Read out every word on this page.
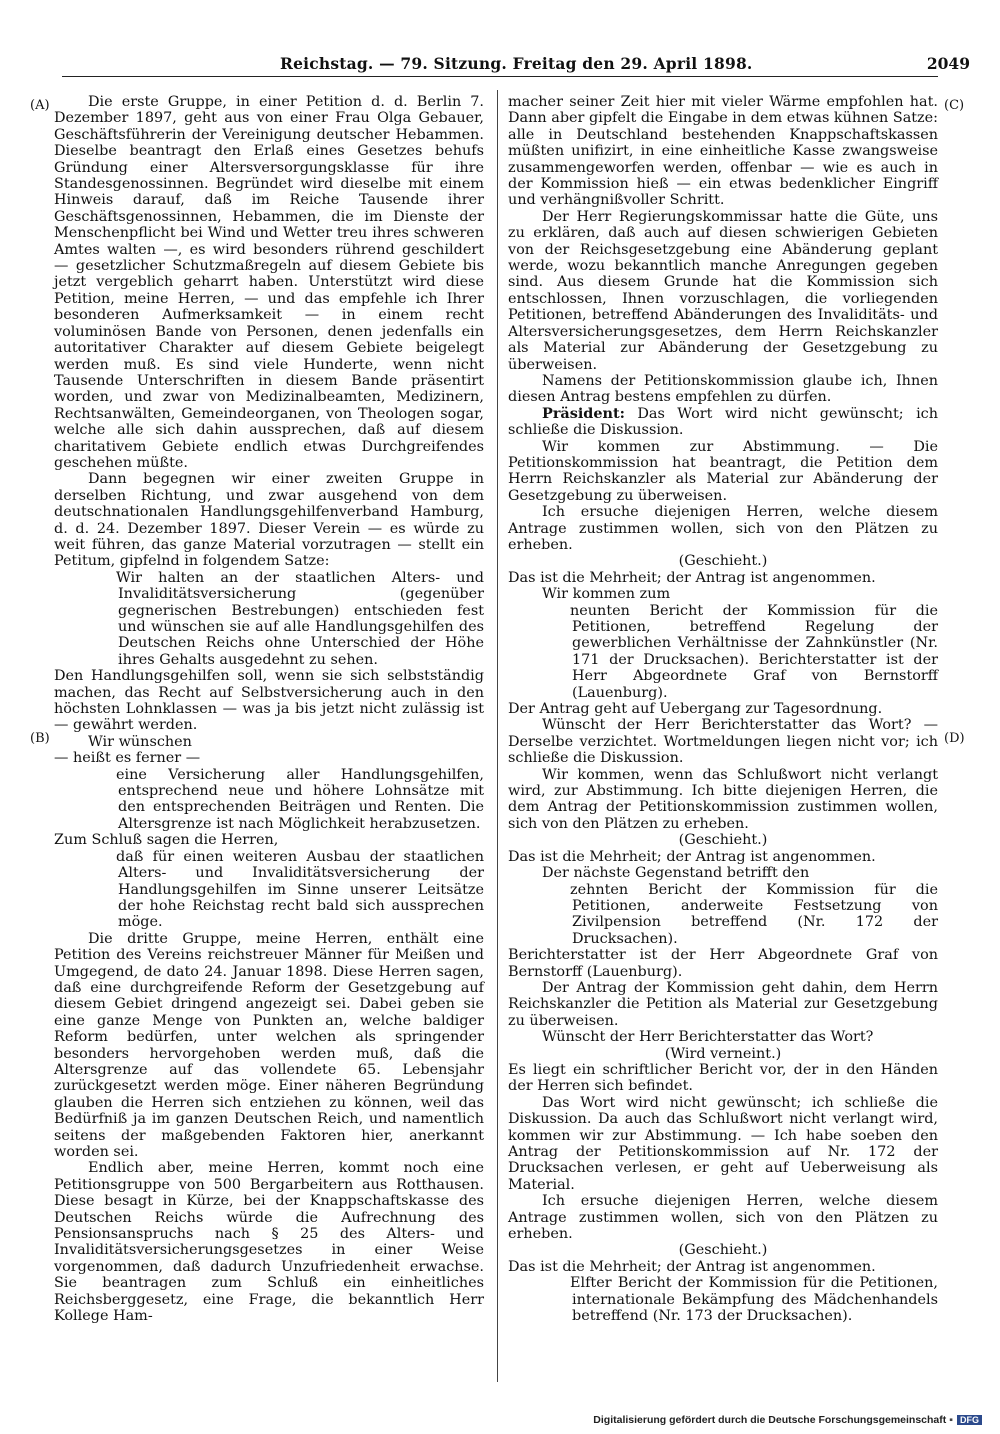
Reichstag. — 79. Sitzung. Freitag den 29. April 1898.	2049
(A)
(B)
(C)
(D)

Die erste Gruppe, in einer Petition d. d. Berlin 7. Dezember 1897, geht aus von einer Frau Olga Gebauer, Geschäftsführerin der Vereinigung deutscher Hebammen. Dieselbe beantragt den Erlaß eines Gesetzes behufs Gründung einer Altersversorgungsklasse für ihre Standesgenossinnen. Begründet wird dieselbe mit einem Hinweis darauf, daß im Reiche Tausende ihrer Geschäftsgenossinnen, Hebammen, die im Dienste der Menschenpflicht bei Wind und Wetter treu ihres schweren Amtes walten —, es wird besonders rührend geschildert — gesetzlicher Schutzmaßregeln auf diesem Gebiete bis jetzt vergeblich geharrt haben. Unterstützt wird diese Petition, meine Herren, — und das empfehle ich Ihrer besonderen Aufmerksamkeit — in einem recht voluminösen Bande von Personen, denen jedenfalls ein autoritativer Charakter auf diesem Gebiete beigelegt werden muß. Es sind viele Hunderte, wenn nicht Tausende Unterschriften in diesem Bande präsentirt worden, und zwar von Medizinalbeamten, Medizinern, Rechtsanwälten, Gemeindeorganen, von Theologen sogar, welche alle sich dahin aussprechen, daß auf diesem charitativem Gebiete endlich etwas Durchgreifendes geschehen müßte.

Dann begegnen wir einer zweiten Gruppe in derselben Richtung, und zwar ausgehend von dem deutschnationalen Handlungsgehilfenverband Hamburg, d. d. 24. Dezember 1897. Dieser Verein — es würde zu weit führen, das ganze Material vorzutragen — stellt ein Petitum, gipfelnd in folgendem Satze:

Wir halten an der staatlichen Alters- und Invaliditätsversicherung (gegenüber gegnerischen Bestrebungen) entschieden fest und wünschen sie auf alle Handlungsgehilfen des Deutschen Reichs ohne Unterschied der Höhe ihres Gehalts ausgedehnt zu sehen.

Den Handlungsgehilfen soll, wenn sie sich selbstständig machen, das Recht auf Selbstversicherung auch in den höchsten Lohnklassen — was ja bis jetzt nicht zulässig ist — gewährt werden.

Wir wünschen

— heißt es ferner —

eine Versicherung aller Handlungsgehilfen, entsprechend neue und höhere Lohnsätze mit den entsprechenden Beiträgen und Renten. Die Altersgrenze ist nach Möglichkeit herabzusetzen.

Zum Schluß sagen die Herren,

daß für einen weiteren Ausbau der staatlichen Alters- und Invaliditätsversicherung der Handlungsgehilfen im Sinne unserer Leitsätze der hohe Reichstag recht bald sich aussprechen möge.

Die dritte Gruppe, meine Herren, enthält eine Petition des Vereins reichstreuer Männer für Meißen und Umgegend, de dato 24. Januar 1898. Diese Herren sagen, daß eine durchgreifende Reform der Gesetzgebung auf diesem Gebiet dringend angezeigt sei. Dabei geben sie eine ganze Menge von Punkten an, welche baldiger Reform bedürfen, unter welchen als springender besonders hervorgehoben werden muß, daß die Altersgrenze auf das vollendete 65. Lebensjahr zurückgesetzt werden möge. Einer näheren Begründung glauben die Herren sich entziehen zu können, weil das Bedürfniß ja im ganzen Deutschen Reich, und namentlich seitens der maßgebenden Faktoren hier, anerkannt worden sei.

Endlich aber, meine Herren, kommt noch eine Petitionsgruppe von 500 Bergarbeitern aus Rotthausen. Diese besagt in Kürze, bei der Knappschaftskasse des Deutschen Reichs würde die Aufrechnung des Pensionsanspruchs nach § 25 des Alters- und Invaliditätsversicherungsgesetzes in einer Weise vorgenommen, daß dadurch Unzufriedenheit erwachse. Sie beantragen zum Schluß ein einheitliches Reichsberggesetz, eine Frage, die bekanntlich Herr Kollege Ham-

macher seiner Zeit hier mit vieler Wärme empfohlen hat. Dann aber gipfelt die Eingabe in dem etwas kühnen Satze: alle in Deutschland bestehenden Knappschaftskassen müßten unifizirt, in eine einheitliche Kasse zwangsweise zusammengeworfen werden, offenbar — wie es auch in der Kommission hieß — ein etwas bedenklicher Eingriff und verhängnißvoller Schritt.

Der Herr Regierungskommissar hatte die Güte, uns zu erklären, daß auch auf diesen schwierigen Gebieten von der Reichsgesetzgebung eine Abänderung geplant werde, wozu bekanntlich manche Anregungen gegeben sind. Aus diesem Grunde hat die Kommission sich entschlossen, Ihnen vorzuschlagen, die vorliegenden Petitionen, betreffend Abänderungen des Invaliditäts- und Altersversicherungsgesetzes, dem Herrn Reichskanzler als Material zur Abänderung der Gesetzgebung zu überweisen.

Namens der Petitionskommission glaube ich, Ihnen diesen Antrag bestens empfehlen zu dürfen.

Präsident: Das Wort wird nicht gewünscht; ich schließe die Diskussion.

Wir kommen zur Abstimmung. — Die Petitionskommission hat beantragt, die Petition dem Herrn Reichskanzler als Material zur Abänderung der Gesetzgebung zu überweisen.

Ich ersuche diejenigen Herren, welche diesem Antrage zustimmen wollen, sich von den Plätzen zu erheben.

(Geschieht.)

Das ist die Mehrheit; der Antrag ist angenommen.

Wir kommen zum

neunten Bericht der Kommission für die Petitionen, betreffend Regelung der gewerblichen Verhältnisse der Zahnkünstler (Nr. 171 der Drucksachen). Berichterstatter ist der Herr Abgeordnete Graf von Bernstorff (Lauenburg).

Der Antrag geht auf Uebergang zur Tagesordnung.

Wünscht der Herr Berichterstatter das Wort? — Derselbe verzichtet. Wortmeldungen liegen nicht vor; ich schließe die Diskussion.

Wir kommen, wenn das Schlußwort nicht verlangt wird, zur Abstimmung. Ich bitte diejenigen Herren, die dem Antrag der Petitionskommission zustimmen wollen, sich von den Plätzen zu erheben.

(Geschieht.)

Das ist die Mehrheit; der Antrag ist angenommen.

Der nächste Gegenstand betrifft den

zehnten Bericht der Kommission für die Petitionen, anderweite Festsetzung von Zivilpension betreffend (Nr. 172 der Drucksachen).

Berichterstatter ist der Herr Abgeordnete Graf von Bernstorff (Lauenburg).

Der Antrag der Kommission geht dahin, dem Herrn Reichskanzler die Petition als Material zur Gesetzgebung zu überweisen.

Wünscht der Herr Berichterstatter das Wort?

(Wird verneint.)

Es liegt ein schriftlicher Bericht vor, der in den Händen der Herren sich befindet.

Das Wort wird nicht gewünscht; ich schließe die Diskussion. Da auch das Schlußwort nicht verlangt wird, kommen wir zur Abstimmung. — Ich habe soeben den Antrag der Petitionskommission auf Nr. 172 der Drucksachen verlesen, er geht auf Ueberweisung als Material.

Ich ersuche diejenigen Herren, welche diesem Antrage zustimmen wollen, sich von den Plätzen zu erheben.

(Geschieht.)

Das ist die Mehrheit; der Antrag ist angenommen.

Elfter Bericht der Kommission für die Petitionen, internationale Bekämpfung des Mädchenhandels betreffend (Nr. 173 der Drucksachen).

Digitalisierung gefördert durch die Deutsche Forschungsgemeinschaft ▪ DFG
